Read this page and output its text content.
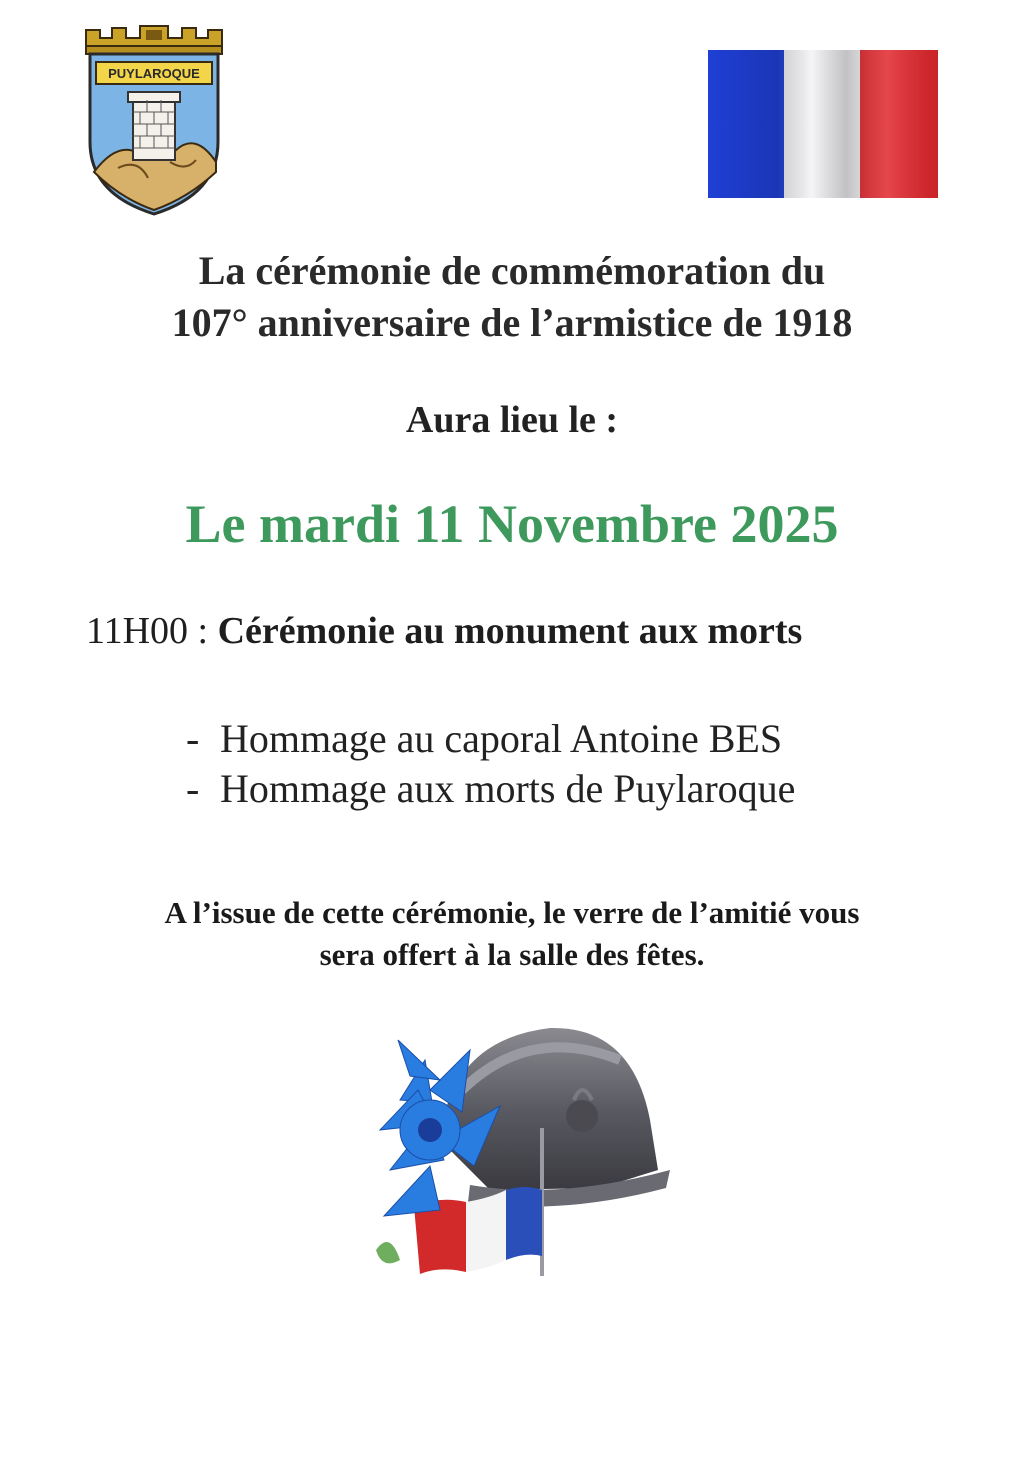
PUYLAROQUE
La cérémonie de commémoration du
107° anniversaire de l’armistice de 1918
Aura lieu le :
Le mardi 11 Novembre 2025
11H00 : Cérémonie au monument aux morts
- Hommage au caporal Antoine BES
- Hommage aux morts de Puylaroque
A l’issue de cette cérémonie, le verre de l’amitié vous
sera offert à la salle des fêtes.
